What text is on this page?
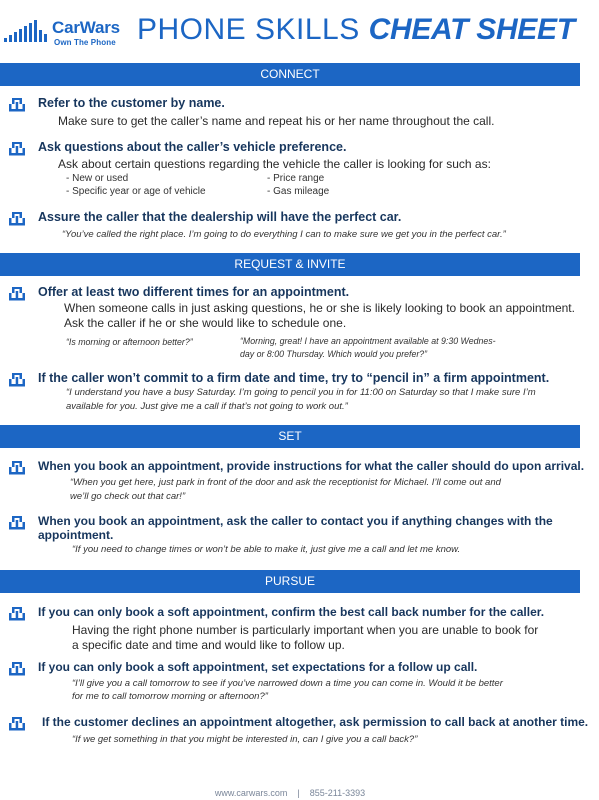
CarWars
Own The Phone PHONE SKILLS CHEAT SHEET
CONNECT
Refer to the customer by name.
Make sure to get the caller’s name and repeat his or her name throughout the call.
Ask questions about the caller’s vehicle preference.
Ask about certain questions regarding the vehicle the caller is looking for such as:
- New or used
- Specific year or age of vehicle
- Price range
- Gas mileage
Assure the caller that the dealership will have the perfect car.
“You’ve called the right place. I’m going to do everything I can to make sure we get you in the perfect car.”
REQUEST & INVITE
Offer at least two different times for an appointment.
When someone calls in just asking questions, he or she is likely looking to book an appointment.
Ask the caller if he or she would like to schedule one.
“Is morning or afternoon better?”	“Morning, great! I have an appointment available at 9:30 Wednes-
day or 8:00 Thursday. Which would you prefer?”
If the caller won’t commit to a firm date and time, try to “pencil in” a firm appointment.
“I understand you have a busy Saturday. I’m going to pencil you in for 11:00 on Saturday so that I make sure I’m
available for you. Just give me a call if that’s not going to work out.”
SET
When you book an appointment, provide instructions for what the caller should do upon arrival.
“When you get here, just park in front of the door and ask the receptionist for Michael. I’ll come out and
we’ll go check out that car!”
When you book an appointment, ask the caller to contact you if anything changes with the
appointment.
“If you need to change times or won’t be able to make it, just give me a call and let me know.
PURSUE
If you can only book a soft appointment, confirm the best call back number for the caller.
Having the right phone number is particularly important when you are unable to book for
a specific date and time and would like to follow up.
If you can only book a soft appointment, set expectations for a follow up call.
“I’ll give you a call tomorrow to see if you’ve narrowed down a time you can come in. Would it be better
for me to call tomorrow morning or afternoon?”
If the customer declines an appointment altogether, ask permission to call back at another time.
“If we get something in that you might be interested in, can I give you a call back?”
www.carwars.com | 855-211-3393
